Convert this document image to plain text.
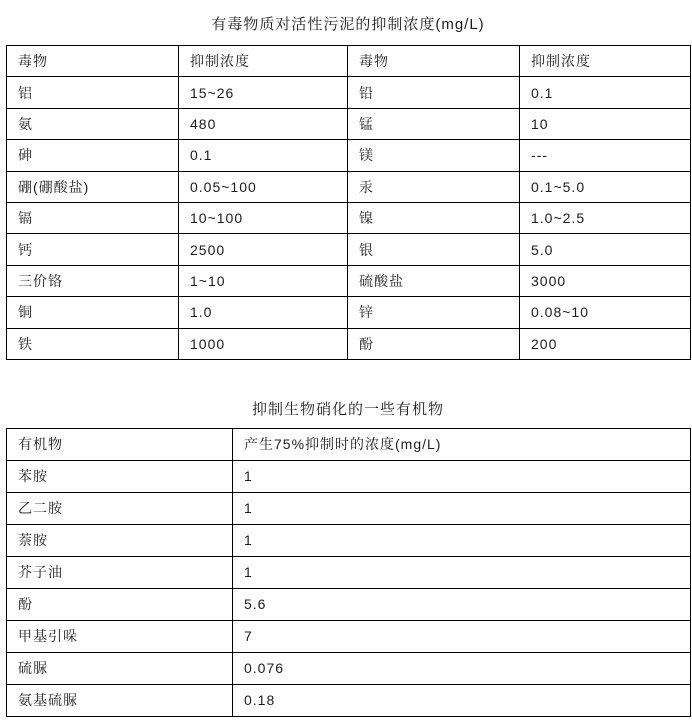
有毒物质对活性污泥的抑制浓度(mg/L)
毒物	抑制浓度	毒物	抑制浓度
铝	15~26	铅	0.1
氨	480	锰	10
砷	0.1	镁	---
硼(硼酸盐)	0.05~100	汞	0.1~5.0
镉	10~100	镍	1.0~2.5
钙	2500	银	5.0
三价铬	1~10	硫酸盐	3000
铜	1.0	锌	0.08~10
铁	1000	酚	200
抑制生物硝化的一些有机物
有机物	产生75%抑制时的浓度(mg/L)
苯胺	1
乙二胺	1
萘胺	1
芥子油	1
酚	5.6
甲基引哚	7
硫脲	0.076
氨基硫脲	0.18
